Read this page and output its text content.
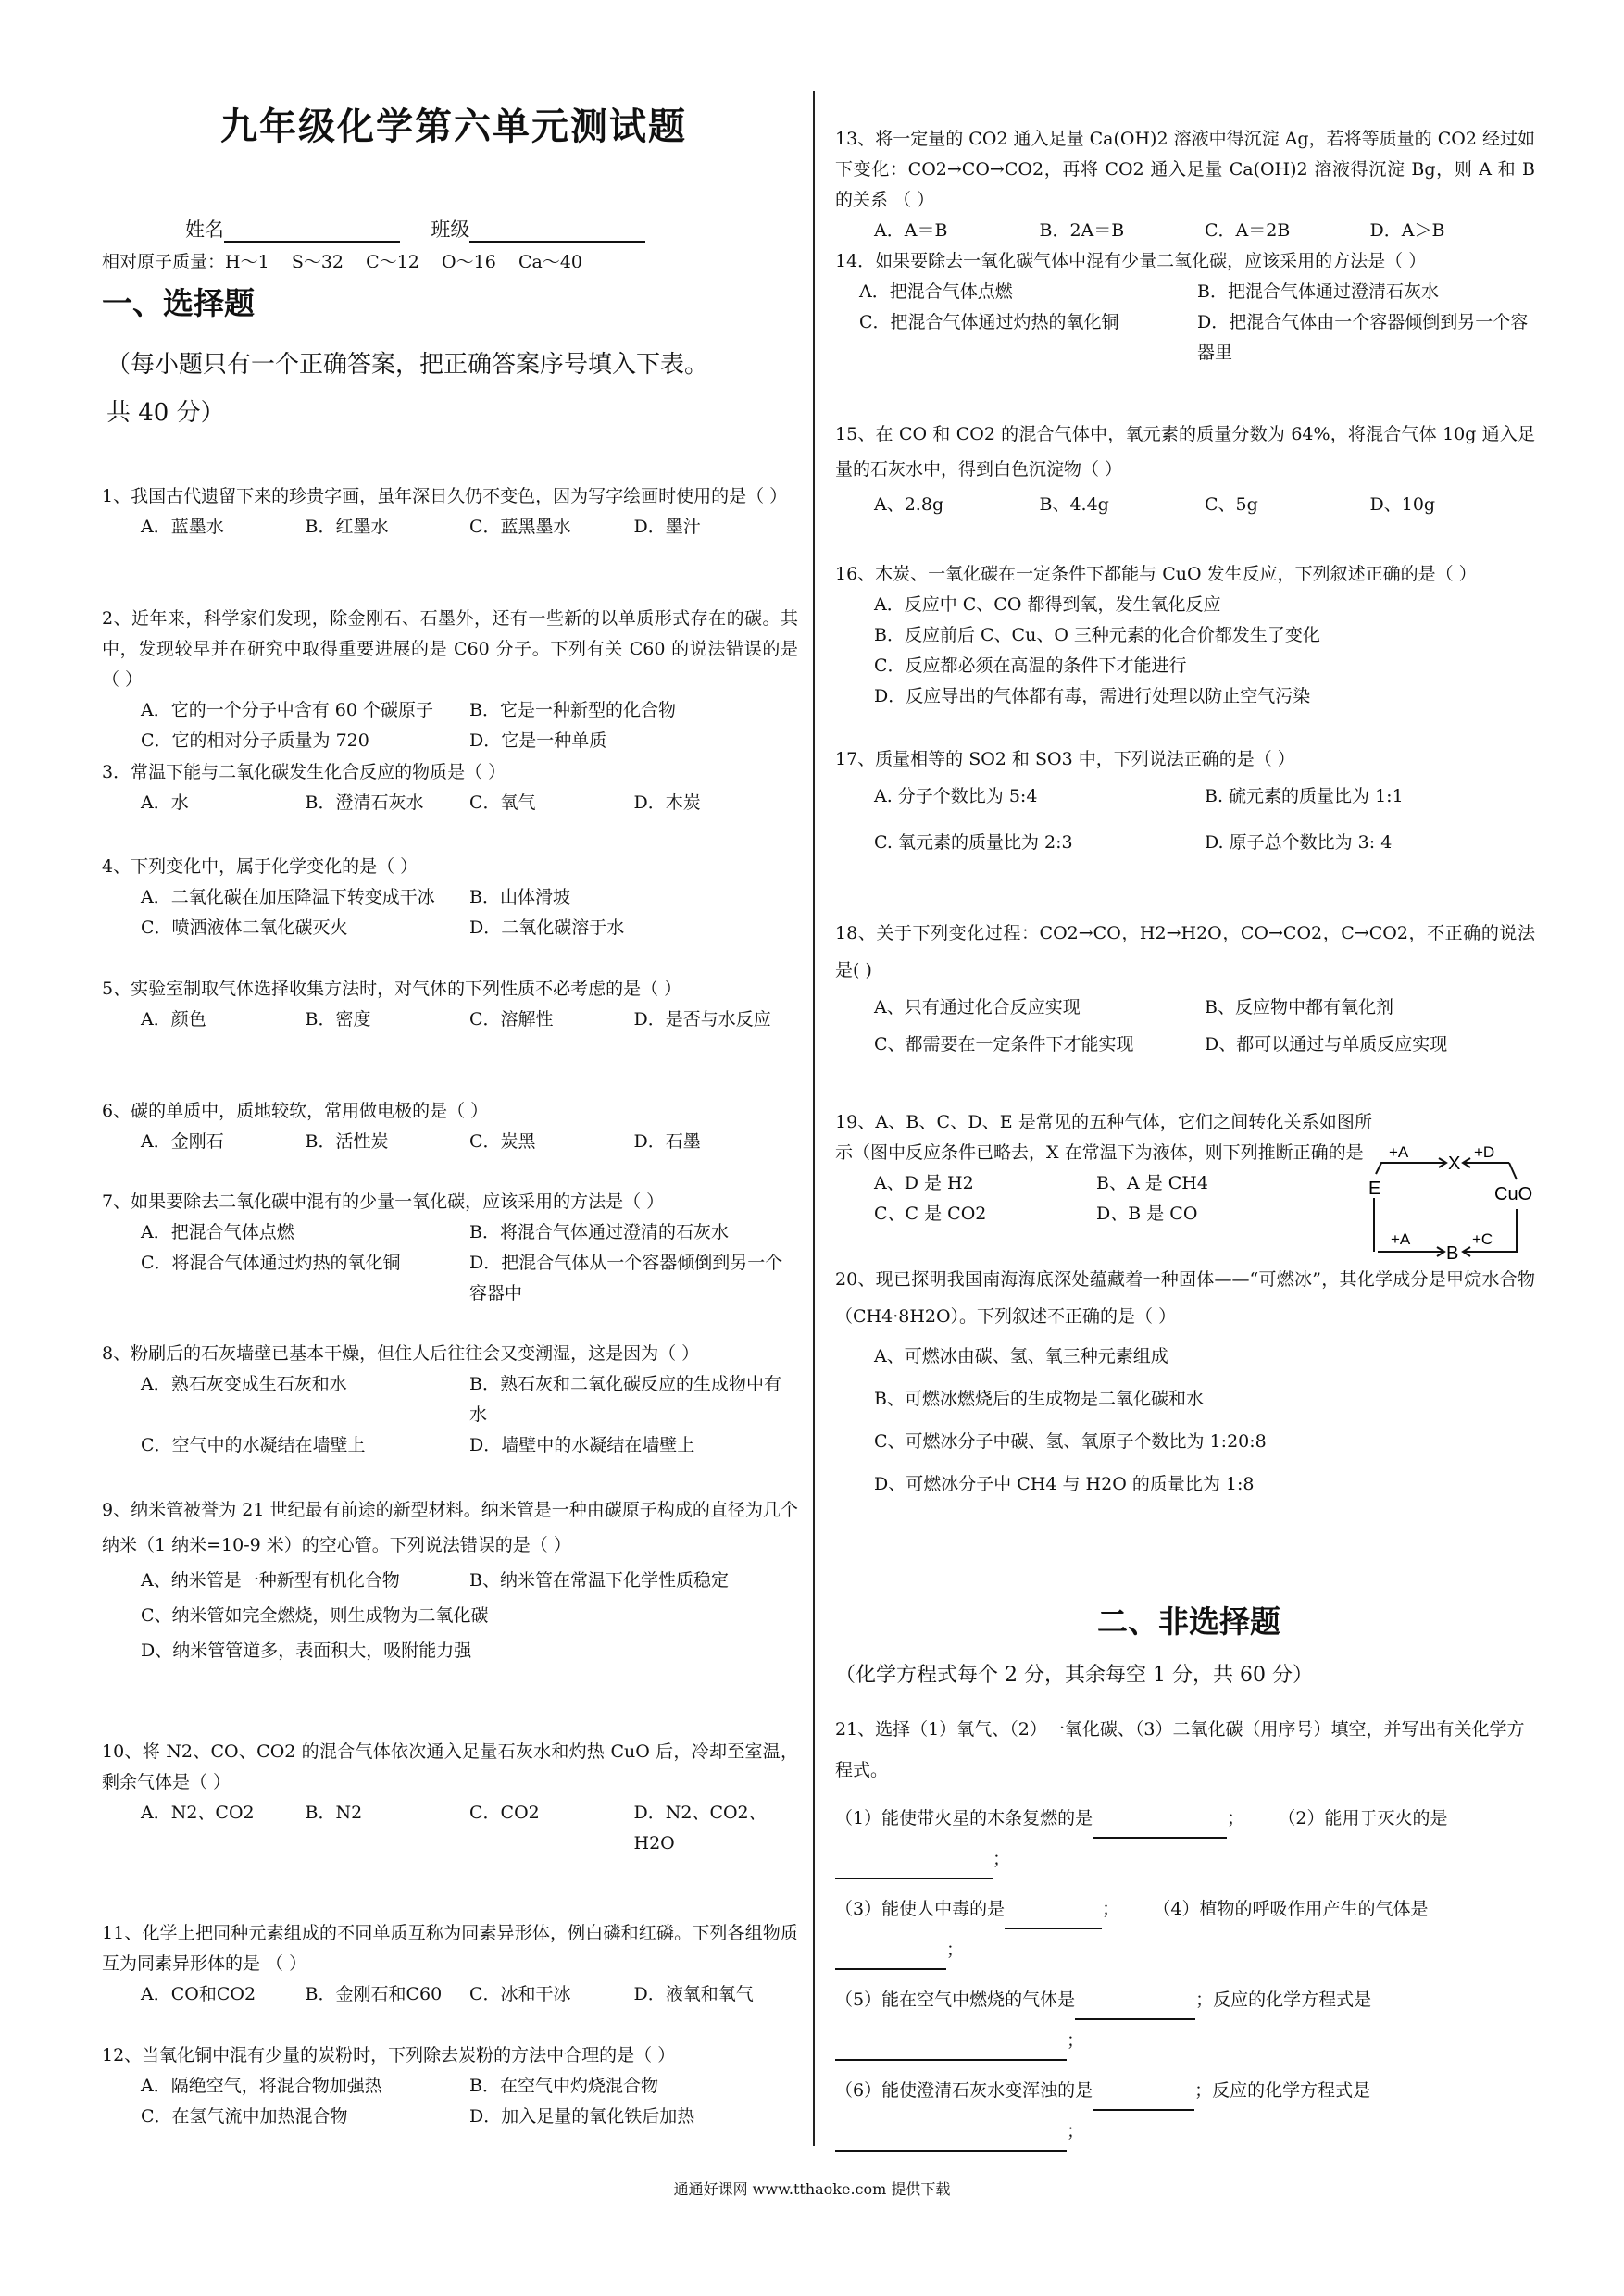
九年级化学第六单元测试题
姓名	班级
相对原子质量：H～1    S～32    C～12    O～16    Ca～40
一、选择题
（每小题只有一个正确答案，把正确答案序号填入下表。
共 40 分）
1、我国古代遗留下来的珍贵字画，虽年深日久仍不变色，因为写字绘画时使用的是（ ）
A．蓝墨水	B．红墨水	C．蓝黑墨水	D．墨汁
2、近年来，科学家们发现，除金刚石、石墨外，还有一些新的以单质形式存在的碳。其中，发现较早并在研究中取得重要进展的是 C60 分子。下列有关 C60 的说法错误的是 （ ）
A．它的一个分子中含有 60 个碳原子	B．它是一种新型的化合物
C．它的相对分子质量为 720	D．它是一种单质
3．常温下能与二氧化碳发生化合反应的物质是（ ）
A．水	B．澄清石灰水	C．氧气	D．木炭
4、下列变化中，属于化学变化的是（ ）
A．二氧化碳在加压降温下转变成干冰	B．山体滑坡
C．喷洒液体二氧化碳灭火	D．二氧化碳溶于水
5、实验室制取气体选择收集方法时，对气体的下列性质不必考虑的是（ ）
A．颜色	B．密度	C．溶解性	D．是否与水反应
6、碳的单质中，质地较软，常用做电极的是（ ）
A．金刚石	B．活性炭	C．炭黑	D．石墨
7、如果要除去二氧化碳中混有的少量一氧化碳，应该采用的方法是（ ）
A．把混合气体点燃	B．将混合气体通过澄清的石灰水
C．将混合气体通过灼热的氧化铜	D．把混合气体从一个容器倾倒到另一个容器中
8、粉刷后的石灰墙壁已基本干燥，但住人后往往会又变潮湿，这是因为（ ）
A．熟石灰变成生石灰和水	B．熟石灰和二氧化碳反应的生成物中有水
C．空气中的水凝结在墙壁上	D．墙壁中的水凝结在墙壁上
9、纳米管被誉为 21 世纪最有前途的新型材料。纳米管是一种由碳原子构成的直径为几个纳米（1 纳米=10-9 米）的空心管。下列说法错误的是（ ）
A、纳米管是一种新型有机化合物	B、纳米管在常温下化学性质稳定
C、纳米管如完全燃烧，则生成物为二氧化碳
D、纳米管管道多，表面积大，吸附能力强
10、将 N2、CO、CO2 的混合气体依次通入足量石灰水和灼热 CuO 后，冷却至室温，剩余气体是（ ）
A．N2、CO2	B．N2	C．CO2	D．N2、CO2、H2O
11、化学上把同种元素组成的不同单质互称为同素异形体，例白磷和红磷。下列各组物质互为同素异形体的是 （ ）
A．CO和CO2	B．金刚石和C60	C．冰和干冰	D．液氧和氧气
12、当氧化铜中混有少量的炭粉时，下列除去炭粉的方法中合理的是（ ）
A．隔绝空气，将混合物加强热	B．在空气中灼烧混合物
C．在氢气流中加热混合物	D．加入足量的氧化铁后加热
13、将一定量的 CO2 通入足量 Ca(OH)2 溶液中得沉淀 Ag，若将等质量的 CO2 经过如下变化：CO2→CO→CO2，再将 CO2 通入足量 Ca(OH)2 溶液得沉淀 Bg，则 A 和 B 的关系 （ ）
A．A＝B	B．2A＝B	C．A＝2B	D．A＞B
14．如果要除去一氧化碳气体中混有少量二氧化碳，应该采用的方法是（ ）
A．把混合气体点燃	B．把混合气体通过澄清石灰水
C．把混合气体通过灼热的氧化铜	D．把混合气体由一个容器倾倒到另一个容器里
15、在 CO 和 CO2 的混合气体中，氧元素的质量分数为 64%，将混合气体 10g 通入足量的石灰水中，得到白色沉淀物（ ）
A、2.8g	B、4.4g	C、5g	D、10g
16、木炭、一氧化碳在一定条件下都能与 CuO 发生反应，下列叙述正确的是（ ）
A．反应中 C、CO 都得到氧，发生氧化反应
B．反应前后 C、Cu、O 三种元素的化合价都发生了变化
C．反应都必须在高温的条件下才能进行
D．反应导出的气体都有毒，需进行处理以防止空气污染
17、质量相等的 SO2 和 SO3 中，下列说法正确的是（ ）
A. 分子个数比为 5:4	B. 硫元素的质量比为 1:1
C. 氧元素的质量比为 2:3	D. 原子总个数比为 3: 4
18、关于下列变化过程：CO2→CO，H2→H2O，CO→CO2，C→CO2，不正确的说法是( )
A、只有通过化合反应实现	B、反应物中都有氧化剂
C、都需要在一定条件下才能实现	D、都可以通过与单质反应实现
19、A、B、C、D、E 是常见的五种气体，它们之间转化关系如图所示（图中反应条件已略去，X 在常温下为液体，则下列推断正确的是
A、D 是 H2	B、A 是 CH4
C、C 是 CO2	D、B 是 CO
+A
X
+D
E	CuO
+A
B
+C
20、现已探明我国南海海底深处蕴藏着一种固体——“可燃冰”，其化学成分是甲烷水合物（CH4·8H2O）。下列叙述不正确的是（ ）
A、可燃冰由碳、氢、氧三种元素组成
B、可燃冰燃烧后的生成物是二氧化碳和水
C、可燃冰分子中碳、氢、氧原子个数比为 1:20:8
D、可燃冰分子中 CH4 与 H2O 的质量比为 1:8
二、非选择题
（化学方程式每个 2 分，其余每空 1 分，共 60 分）
21、选择（1）氧气、（2）一氧化碳、（3）二氧化碳（用序号）填空，并写出有关化学方程式。
（1）能使带火星的木条复燃的是	； （2）能用于灭火的是；
（3）能使人中毒的是	； （4）植物的呼吸作用产生的气体是；
（5）能在空气中燃烧的气体是	；反应的化学方程式是；
（6）能使澄清石灰水变浑浊的是	；反应的化学方程式是；
通通好课网 www.tthaoke.com 提供下载
